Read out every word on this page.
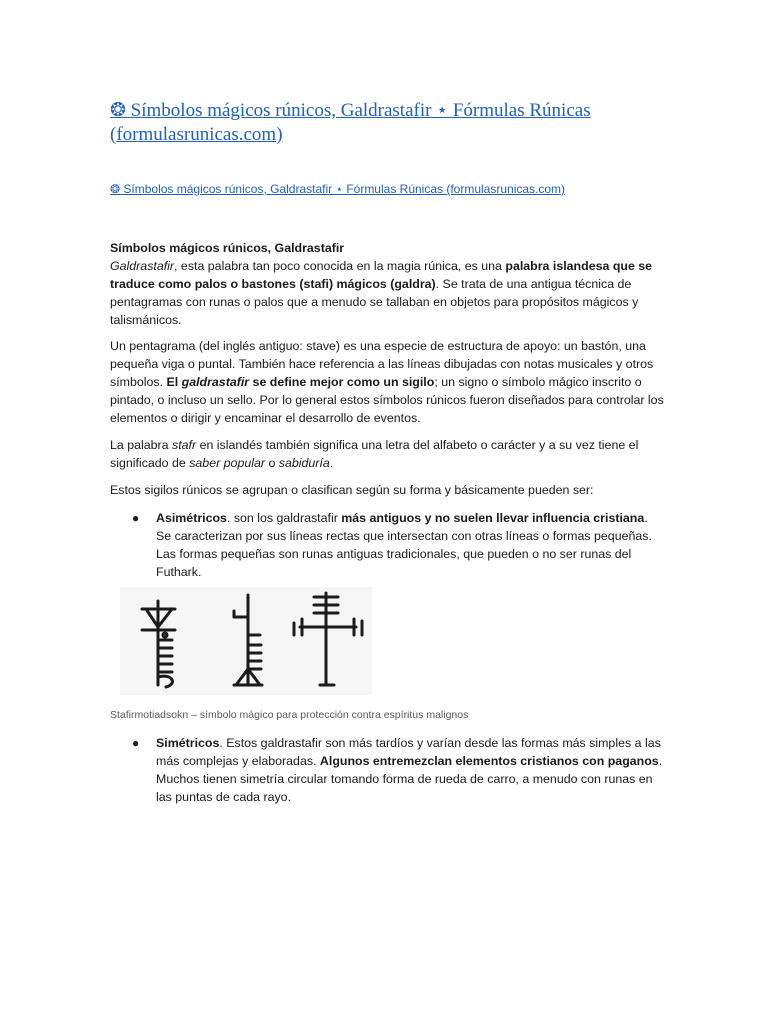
❂ Símbolos mágicos rúnicos, Galdrastafir ⋆ Fórmulas Rúnicas (formulasrunicas.com)
❂ Símbolos mágicos rúnicos, Galdrastafir ⋆ Fórmulas Rúnicas (formulasrunicas.com)
Símbolos mágicos rúnicos, Galdrastafir
Galdrastafir, esta palabra tan poco conocida en la magia rúnica, es una palabra islandesa que se traduce como palos o bastones (stafi) mágicos (galdra). Se trata de una antigua técnica de pentagramas con runas o palos que a menudo se tallaban en objetos para propósitos mágicos y talismánicos.

Un pentagrama (del inglés antiguo: stave) es una especie de estructura de apoyo: un bastón, una pequeña viga o puntal. También hace referencia a las líneas dibujadas con notas musicales y otros símbolos. El galdrastafir se define mejor como un sigilo; un signo o símbolo mágico inscrito o pintado, o incluso un sello. Por lo general estos símbolos rúnicos fueron diseñados para controlar los elementos o dirigir y encaminar el desarrollo de eventos.

La palabra stafr en islandés también significa una letra del alfabeto o carácter y a su vez tiene el significado de saber popular o sabiduría.

Estos sigilos rúnicos se agrupan o clasifican según su forma y básicamente pueden ser:

● Asimétricos. son los galdrastafir más antiguos y no suelen llevar influencia cristiana. Se caracterizan por sus líneas rectas que intersectan con otras líneas o formas pequeñas. Las formas pequeñas son runas antiguas tradicionales, que pueden o no ser runas del Futhark.
Stafirmotiadsokn – símbolo mágico para protección contra espíritus malignos
● Simétricos. Estos galdrastafir son más tardíos y varían desde las formas más simples a las más complejas y elaboradas. Algunos entremezclan elementos cristianos con paganos. Muchos tienen simetría circular tomando forma de rueda de carro, a menudo con runas en las puntas de cada rayo.
